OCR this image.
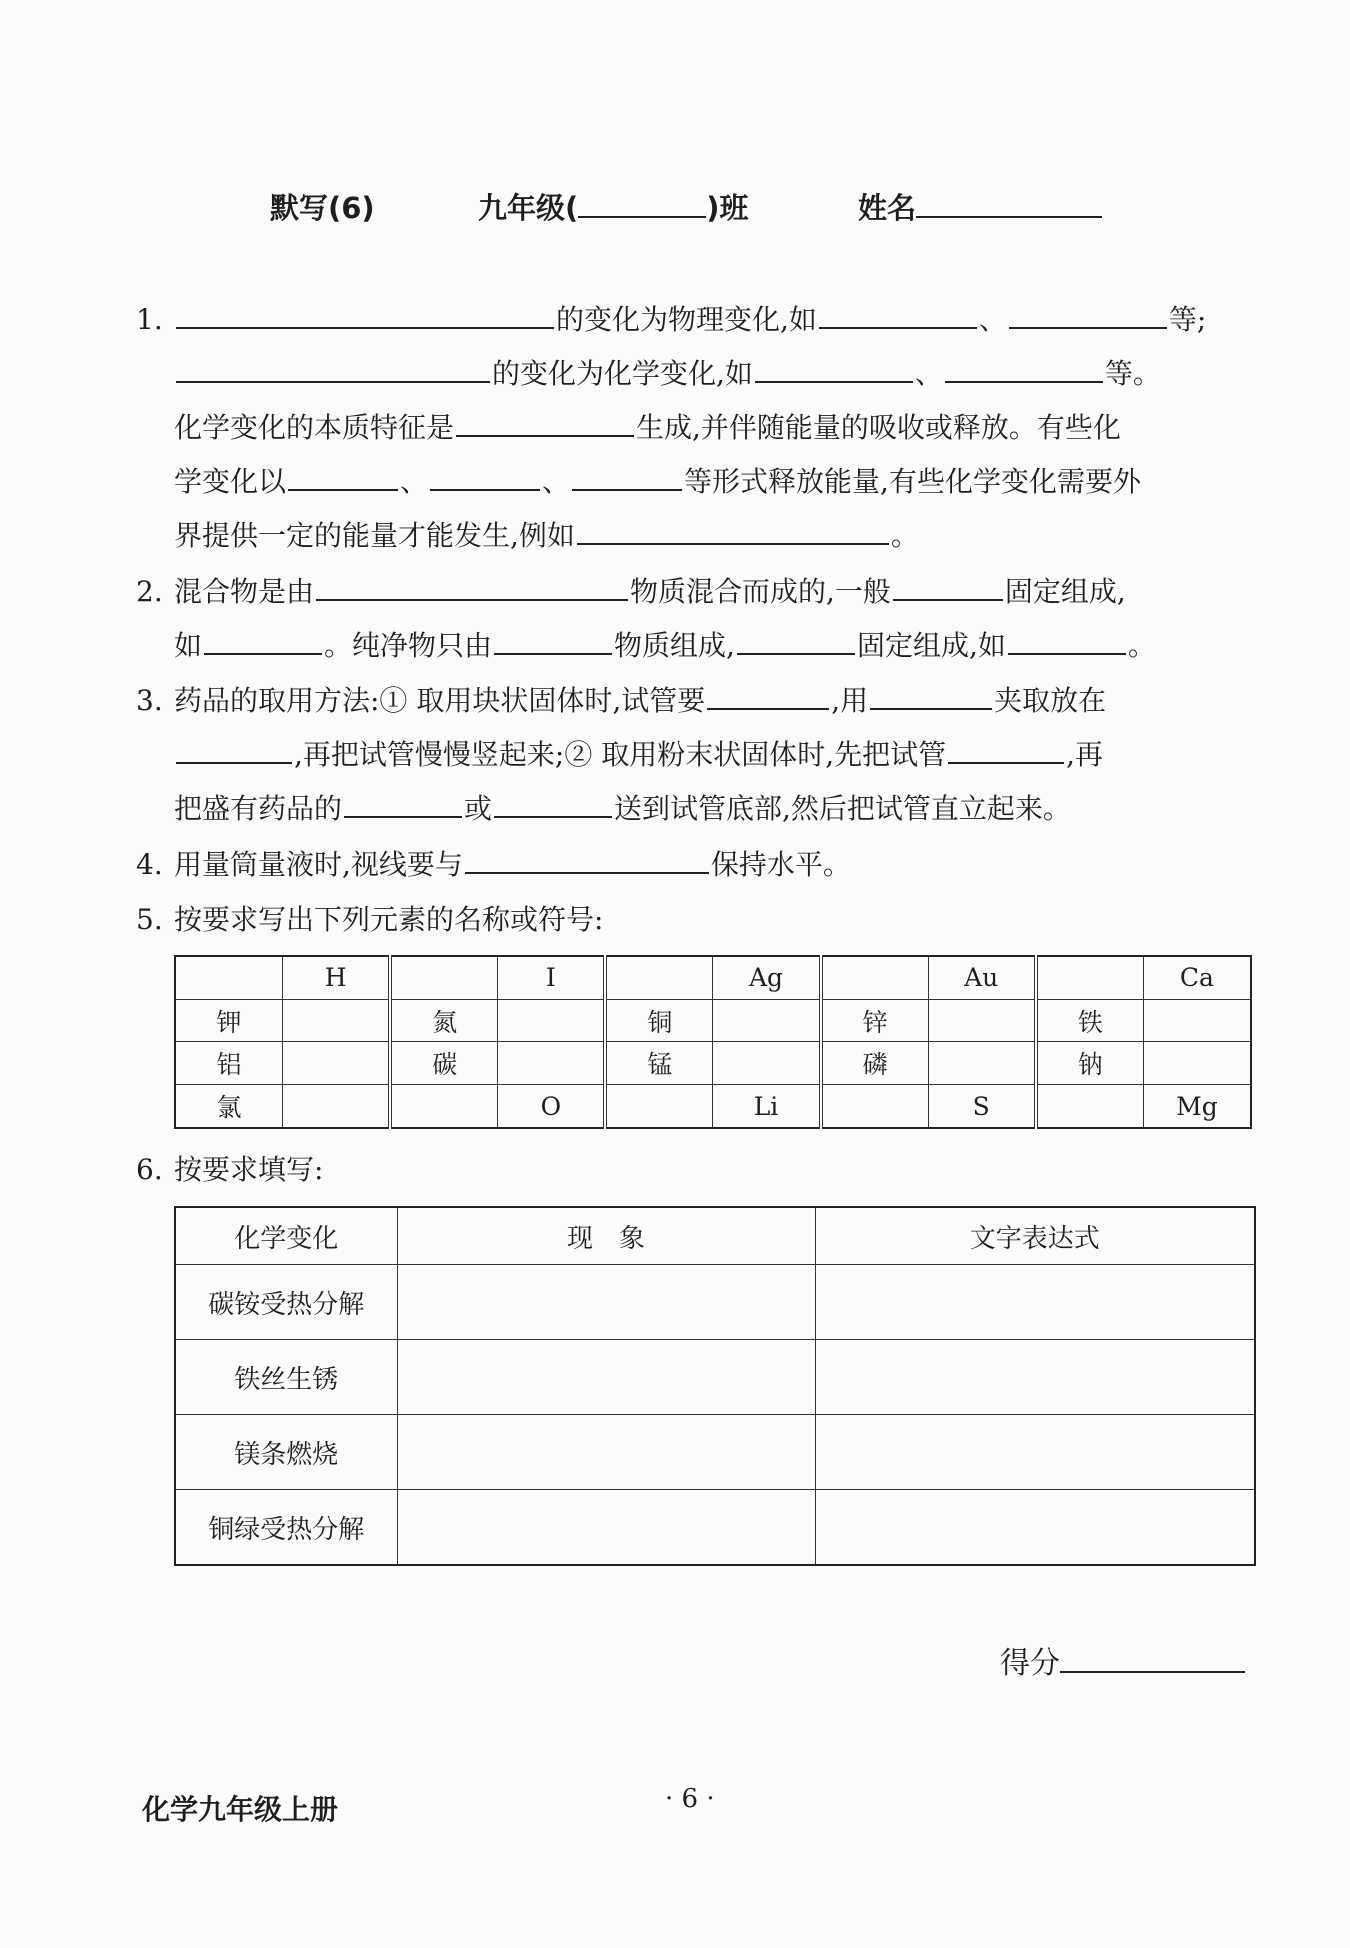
默写(6)	九年级(	)班	姓名
1.	的变化为物理变化,如	、	等;
的变化为化学变化,如	、	等。
化学变化的本质特征是	生成,并伴随能量的吸收或释放。有些化
学变化以	、	、	等形式释放能量,有些化学变化需要外
界提供一定的能量才能发生,例如	。
2. 混合物是由	物质混合而成的,一般	固定组成,
如	。纯净物只由	物质组成,	固定组成,如	。
3. 药品的取用方法:① 取用块状固体时,试管要	,用	夹取放在
,再把试管慢慢竖起来;② 取用粉末状固体时,先把试管	,再
把盛有药品的	或	送到试管底部,然后把试管直立起来。
4. 用量筒量液时,视线要与	保持水平。
5. 按要求写出下列元素的名称或符号:
	H		I		Ag		Au		Ca
钾		氮		铜		锌		铁	
铝		碳		锰		磷		钠	
氯			O		Li		S		Mg
6. 按要求填写:
化学变化	现　象	文字表达式
碳铵受热分解		
铁丝生锈		
镁条燃烧		
铜绿受热分解		
得分
化学九年级上册	· 6 ·
